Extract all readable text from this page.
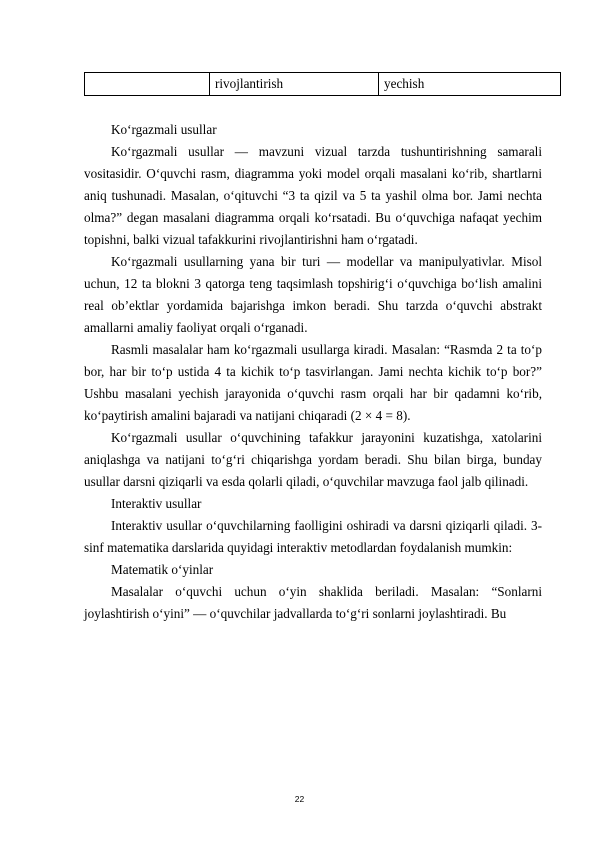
	rivojlantirish	yechish

Ko‘rgazmali usullar

Ko‘rgazmali usullar — mavzuni vizual tarzda tushuntirishning samarali vositasidir. O‘quvchi rasm, diagramma yoki model orqali masalani ko‘rib, shartlarni aniq tushunadi. Masalan, o‘qituvchi “3 ta qizil va 5 ta yashil olma bor. Jami nechta olma?” degan masalani diagramma orqali ko‘rsatadi. Bu o‘quvchiga nafaqat yechim topishni, balki vizual tafakkurini rivojlantirishni ham o‘rgatadi.

Ko‘rgazmali usullarning yana bir turi — modellar va manipulyativlar. Misol uchun, 12 ta blokni 3 qatorga teng taqsimlash topshirig‘i o‘quvchiga bo‘lish amalini real ob’ektlar yordamida bajarishga imkon beradi. Shu tarzda o‘quvchi abstrakt amallarni amaliy faoliyat orqali o‘rganadi.

Rasmli masalalar ham ko‘rgazmali usullarga kiradi. Masalan: “Rasmda 2 ta to‘p bor, har bir to‘p ustida 4 ta kichik to‘p tasvirlangan. Jami nechta kichik to‘p bor?” Ushbu masalani yechish jarayonida o‘quvchi rasm orqali har bir qadamni ko‘rib, ko‘paytirish amalini bajaradi va natijani chiqaradi (2 × 4 = 8).

Ko‘rgazmali usullar o‘quvchining tafakkur jarayonini kuzatishga, xatolarini aniqlashga va natijani to‘g‘ri chiqarishga yordam beradi. Shu bilan birga, bunday usullar darsni qiziqarli va esda qolarli qiladi, o‘quvchilar mavzuga faol jalb qilinadi.

Interaktiv usullar

Interaktiv usullar o‘quvchilarning faolligini oshiradi va darsni qiziqarli qiladi. 3-sinf matematika darslarida quyidagi interaktiv metodlardan foydalanish mumkin:

Matematik o‘yinlar

Masalalar o‘quvchi uchun o‘yin shaklida beriladi. Masalan: “Sonlarni joylashtirish o‘yini” — o‘quvchilar jadvallarda to‘g‘ri sonlarni joylashtiradi. Bu

22
